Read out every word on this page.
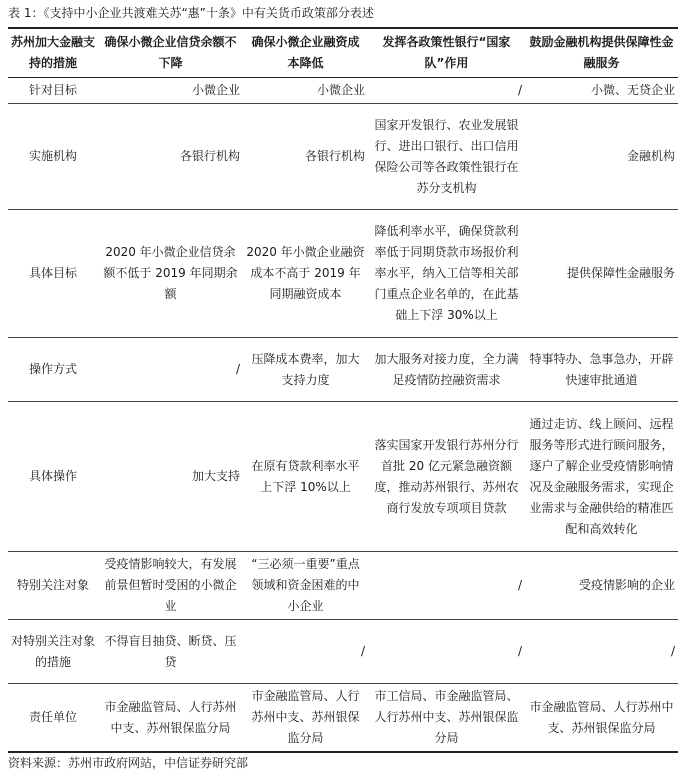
表 1：《支持中小企业共渡难关苏“惠”十条》中有关货币政策部分表述
苏州加大金融支持的措施	确保小微企业信贷余额不下降	确保小微企业融资成本降低	发挥各政策性银行“国家队”作用	鼓励金融机构提供保障性金融服务
针对目标	小微企业	小微企业	/	小微、无贷企业
实施机构	各银行机构	各银行机构	国家开发银行、农业发展银行、进出口银行、出口信用保险公司等各政策性银行在苏分支机构	金融机构
具体目标	2020 年小微企业信贷余额不低于 2019 年同期余额	2020 年小微企业融资成本不高于 2019 年同期融资成本	降低利率水平，确保贷款利率低于同期贷款市场报价利率水平，纳入工信等相关部门重点企业名单的，在此基础上下浮 30%以上	提供保障性金融服务
操作方式	/	压降成本费率，加大支持力度	加大服务对接力度，全力满足疫情防控融资需求	特事特办、急事急办，开辟快速审批通道
具体操作	加大支持	在原有贷款利率水平上下浮 10%以上	落实国家开发银行苏州分行首批 20 亿元紧急融资额度，推动苏州银行、苏州农商行发放专项项目贷款	通过走访、线上顾问、远程服务等形式进行顾问服务，逐户了解企业受疫情影响情况及金融服务需求，实现企业需求与金融供给的精准匹配和高效转化
特别关注对象	受疫情影响较大，有发展前景但暂时受困的小微企业	“三必须一重要”重点领域和资金困难的中小企业	/	受疫情影响的企业
对特别关注对象的措施	不得盲目抽贷、断贷、压贷	/	/	/
责任单位	市金融监管局、人行苏州中支、苏州银保监分局	市金融监管局、人行苏州中支、苏州银保监分局	市工信局、市金融监管局、人行苏州中支、苏州银保监分局	市金融监管局、人行苏州中支、苏州银保监分局
资料来源：苏州市政府网站，中信证券研究部
